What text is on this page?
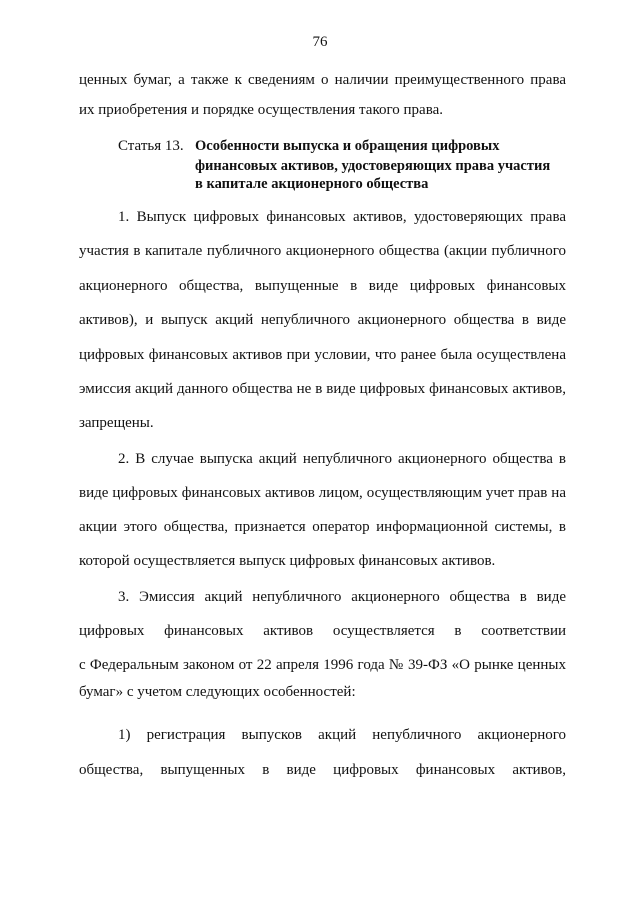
76
ценных бумаг, а также к сведениям о наличии преимущественного права
их приобретения и порядке осуществления такого права.
Статья 13. Особенности выпуска и обращения цифровых
финансовых активов, удостоверяющих права участия
в капитале акционерного общества
1. Выпуск цифровых финансовых активов, удостоверяющих права
участия в капитале публичного акционерного общества (акции публичного
акционерного общества, выпущенные в виде цифровых финансовых
активов), и выпуск акций непубличного акционерного общества в виде
цифровых финансовых активов при условии, что ранее была осуществлена
эмиссия акций данного общества не в виде цифровых финансовых активов,
запрещены.
2. В случае выпуска акций непубличного акционерного общества в
виде цифровых финансовых активов лицом, осуществляющим учет прав на
акции этого общества, признается оператор информационной системы, в
которой осуществляется выпуск цифровых финансовых активов.
3. Эмиссия акций непубличного акционерного общества в виде
цифровых финансовых активов осуществляется в соответствии
с Федеральным законом от 22 апреля 1996 года № 39-ФЗ «О рынке ценных
бумаг» с учетом следующих особенностей:
1) регистрация выпусков акций непубличного акционерного
общества, выпущенных в виде цифровых финансовых активов,
